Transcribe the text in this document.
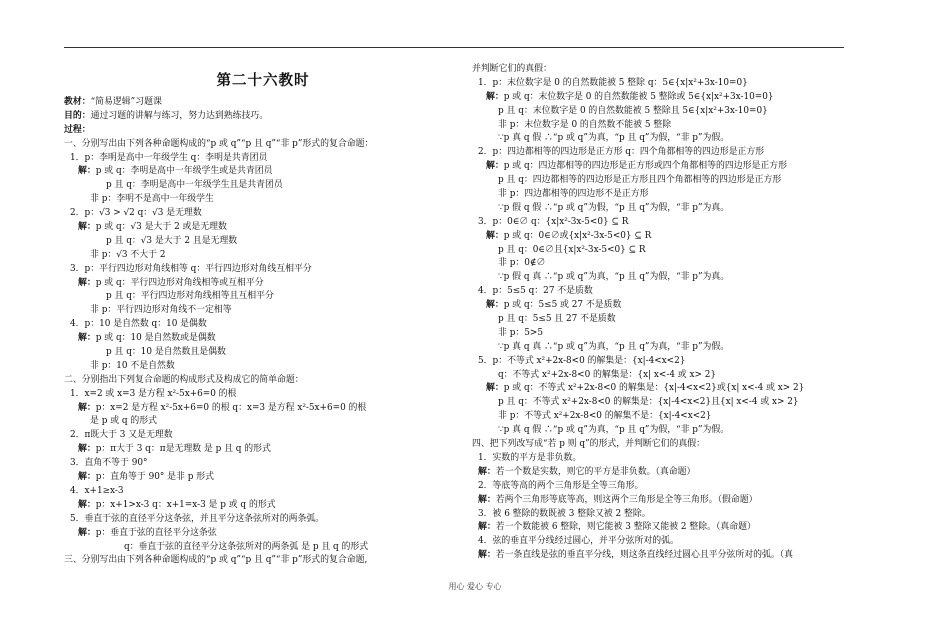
第二十六教时
教材：“简易逻辑”习题课
目的：通过习题的讲解与练习，努力达到熟练技巧。
过程：
一、分别写出由下列各种命题构成的“p 或 q”“p 且 q”“非 p”形式的复合命题：
1．p：李明是高中一年级学生 q：李明是共青团员
解：p 或 q：李明是高中一年级学生或是共青团员
p 且 q：李明是高中一年级学生且是共青团员
非 p：李明不是高中一年级学生
2．p：√3 > √2 q：√3 是无理数
解：p 或 q：√3 是大于 2 或是无理数
p 且 q：√3 是大于 2 且是无理数
非 p：√3 不大于 2
3．p：平行四边形对角线相等 q：平行四边形对角线互相平分
解：p 或 q：平行四边形对角线相等或互相平分
p 且 q：平行四边形对角线相等且互相平分
非 p：平行四边形对角线不一定相等
4．p：10 是自然数 q：10 是偶数
解：p 或 q：10 是自然数或是偶数
p 且 q：10 是自然数且是偶数
非 p：10 不是自然数
二、分别指出下列复合命题的构成形式及构成它的简单命题：
1．x=2 或 x=3 是方程 x²-5x+6=0 的根
解：p：x=2 是方程 x²-5x+6=0 的根 q：x=3 是方程 x²-5x+6=0 的根
是 p 或 q 的形式
2．π既大于 3 又是无理数
解：p：π大于 3 q：π是无理数 是 p 且 q 的形式
3．直角不等于 90°
解：p：直角等于 90° 是非 p 形式
4．x+1≥x-3
解：p：x+1>x-3 q：x+1=x-3 是 p 或 q 的形式
5．垂直于弦的直径平分这条弦，并且平分这条弦所对的两条弧。
解：p：垂直于弦的直径平分这条弦
q：垂直于弦的直径平分这条弦所对的两条弧 是 p 且 q 的形式
三、分别写出由下列各种命题构成的“p 或 q”“p 且 q”“非 p”形式的复合命题,
并判断它们的真假：
1．p：末位数字是 0 的自然数能被 5 整除 q：5∈{x|x²+3x-10=0}
解：p 或 q：末位数字是 0 的自然数能被 5 整除或 5∈{x|x²+3x-10=0}
p 且 q：末位数字是 0 的自然数能被 5 整除且 5∈{x|x²+3x-10=0}
非 p：末位数字是 0 的自然数不能被 5 整除
∵p 真 q 假 ∴“p 或 q”为真，“p 且 q”为假，“非 p”为假。
2．p：四边都相等的四边形是正方形 q：四个角都相等的四边形是正方形
解：p 或 q：四边都相等的四边形是正方形或四个角都相等的四边形是正方形
p 且 q：四边都相等的四边形是正方形且四个角都相等的四边形是正方形
非 p：四边都相等的四边形不是正方形
∵p 假 q 假 ∴“p 或 q”为假，“p 且 q”为假，“非 p”为真。
3．p：0∈∅ q：{x|x²-3x-5<0} ⊆ R
解：p 或 q：0∈∅或{x|x²-3x-5<0} ⊆ R
p 且 q：0∈∅且{x|x²-3x-5<0} ⊆ R
非 p：0∉∅
∵p 假 q 真 ∴“p 或 q”为真，“p 且 q”为假，“非 p”为真。
4．p：5≤5 q：27 不是质数
解：p 或 q：5≤5 或 27 不是质数
p 且 q：5≤5 且 27 不是质数
非 p：5>5
∵p 真 q 真 ∴“p 或 q”为真，“p 且 q”为真，“非 p”为假。
5．p：不等式 x²+2x-8<0 的解集是：{x|-4<x<2}
q：不等式 x²+2x-8<0 的解集是：{x| x<-4 或 x> 2}
解：p 或 q：不等式 x²+2x-8<0 的解集是：{x|-4<x<2}或{x| x<-4 或 x> 2}
p 且 q：不等式 x²+2x-8<0 的解集是：{x|-4<x<2}且{x| x<-4 或 x> 2}
非 p：不等式 x²+2x-8<0 的解集不是：{x|-4<x<2}
∵p 真 q 假 ∴“p 或 q”为真，“p 且 q”为假，“非 p”为假。
四、把下列改写成“若 p 则 q”的形式，并判断它们的真假：
1．实数的平方是非负数。
解：若一个数是实数，则它的平方是非负数。（真命题）
2．等底等高的两个三角形是全等三角形。
解：若两个三角形等底等高，则这两个三角形是全等三角形。（假命题）
3．被 6 整除的数既被 3 整除又被 2 整除。
解：若一个数能被 6 整除，则它能被 3 整除又能被 2 整除。（真命题）
4．弦的垂直平分线经过圆心，并平分弦所对的弧。
解：若一条直线是弦的垂直平分线，则这条直线经过圆心且平分弦所对的弧。（真
用心 爱心 专心
